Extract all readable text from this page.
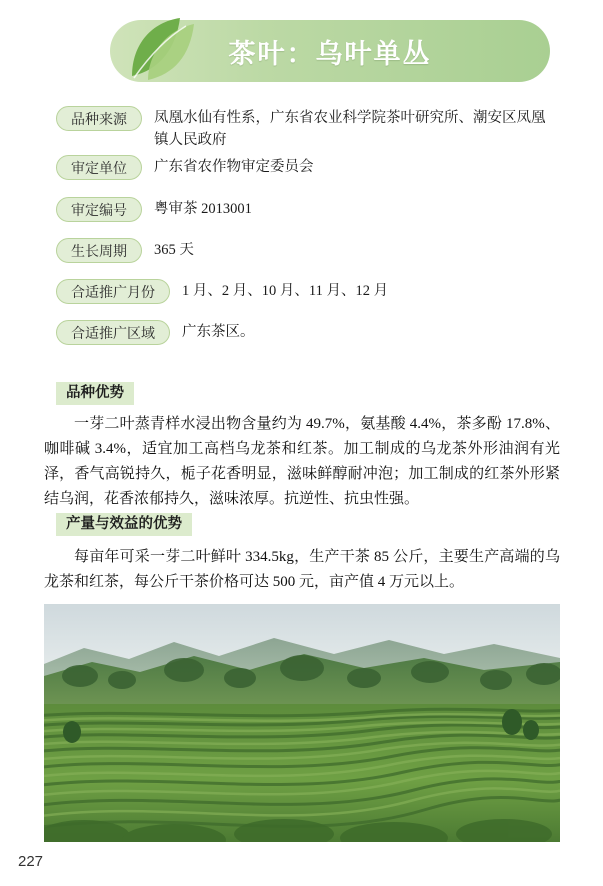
茶叶：乌叶单丛
品种来源	凤凰水仙有性系，广东省农业科学院茶叶研究所、潮安区凤凰镇人民政府
审定单位	广东省农作物审定委员会
审定编号	粤审茶 2013001
生长周期	365 天
合适推广月份	1 月、2 月、10 月、11 月、12 月
合适推广区域	广东茶区。
品种优势
一芽二叶蒸青样水浸出物含量约为 49.7%，氨基酸 4.4%，茶多酚 17.8%、咖啡碱 3.4%，适宜加工高档乌龙茶和红茶。加工制成的乌龙茶外形油润有光泽，香气高锐持久，栀子花香明显，滋味鲜醇耐冲泡；加工制成的红茶外形紧结乌润，花香浓郁持久，滋味浓厚。抗逆性、抗虫性强。
产量与效益的优势
每亩年可采一芽二叶鲜叶 334.5kg，生产干茶 85 公斤，主要生产高端的乌龙茶和红茶，每公斤干茶价格可达 500 元，亩产值 4 万元以上。
227
